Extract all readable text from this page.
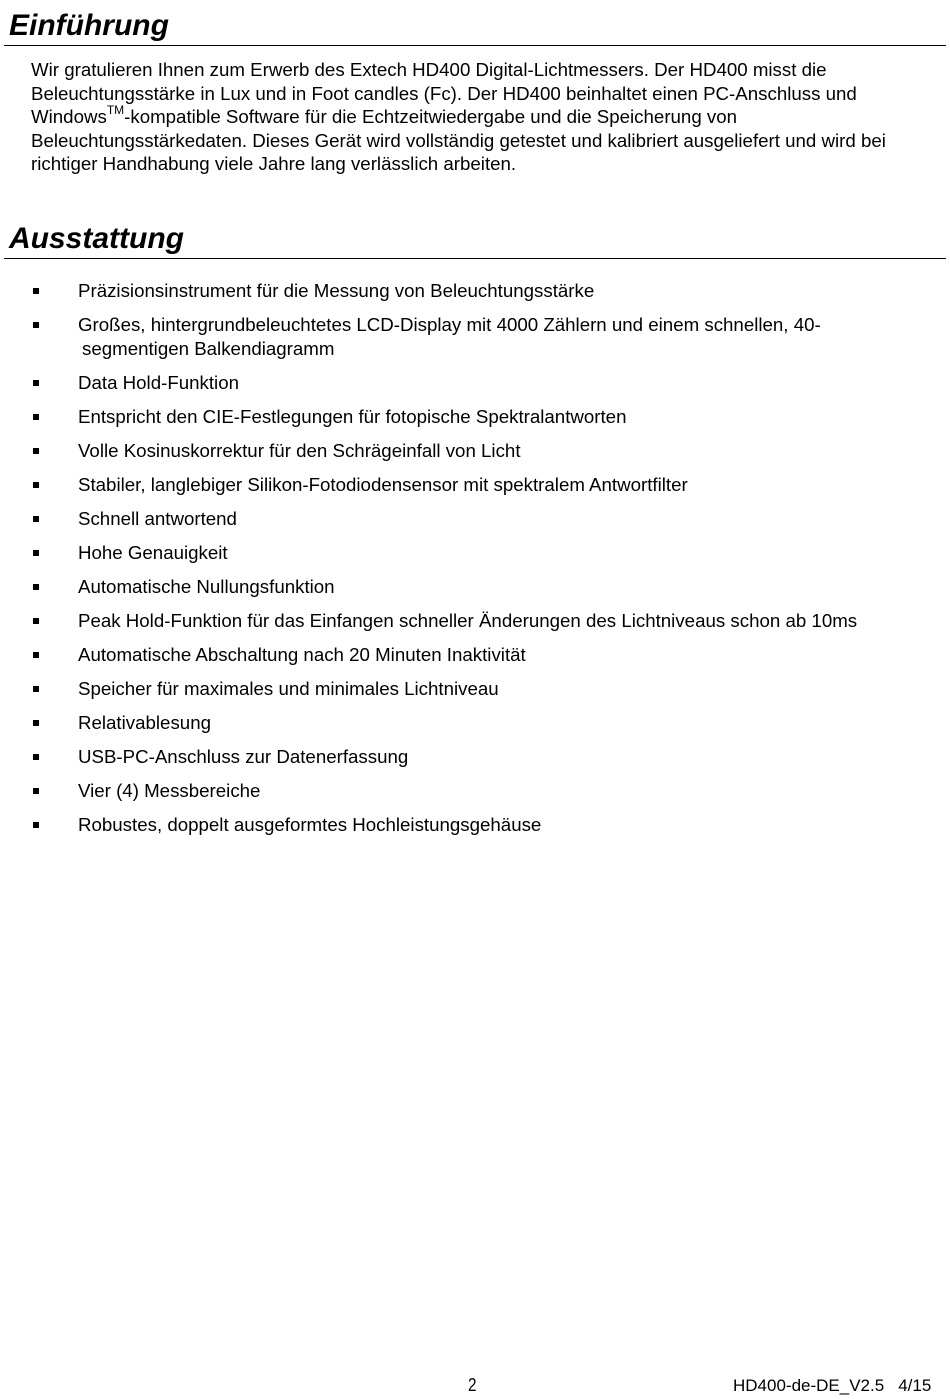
Einführung
Wir gratulieren Ihnen zum Erwerb des Extech HD400 Digital-Lichtmessers. Der HD400 misst die Beleuchtungsstärke in Lux und in Foot candles (Fc). Der HD400 beinhaltet einen PC-Anschluss und Windows™-kompatible Software für die Echtzeitwiedergabe und die Speicherung von Beleuchtungsstärkedaten. Dieses Gerät wird vollständig getestet und kalibriert ausgeliefert und wird bei richtiger Handhabung viele Jahre lang verlässlich arbeiten.
Ausstattung
Präzisionsinstrument für die Messung von Beleuchtungsstärke
Großes, hintergrundbeleuchtetes LCD-Display mit 4000 Zählern und einem schnellen, 40-
segmentigen Balkendiagramm
Data Hold-Funktion
Entspricht den CIE-Festlegungen für fotopische Spektralantworten
Volle Kosinuskorrektur für den Schrägeinfall von Licht
Stabiler, langlebiger Silikon-Fotodiodensensor mit spektralem Antwortfilter
Schnell antwortend
Hohe Genauigkeit
Automatische Nullungsfunktion
Peak Hold-Funktion für das Einfangen schneller Änderungen des Lichtniveaus schon ab 10ms
Automatische Abschaltung nach 20 Minuten Inaktivität
Speicher für maximales und minimales Lichtniveau
Relativablesung
USB-PC-Anschluss zur Datenerfassung
Vier (4) Messbereiche
Robustes, doppelt ausgeformtes Hochleistungsgehäuse
2	HD400-de-DE_V2.5 4/15
